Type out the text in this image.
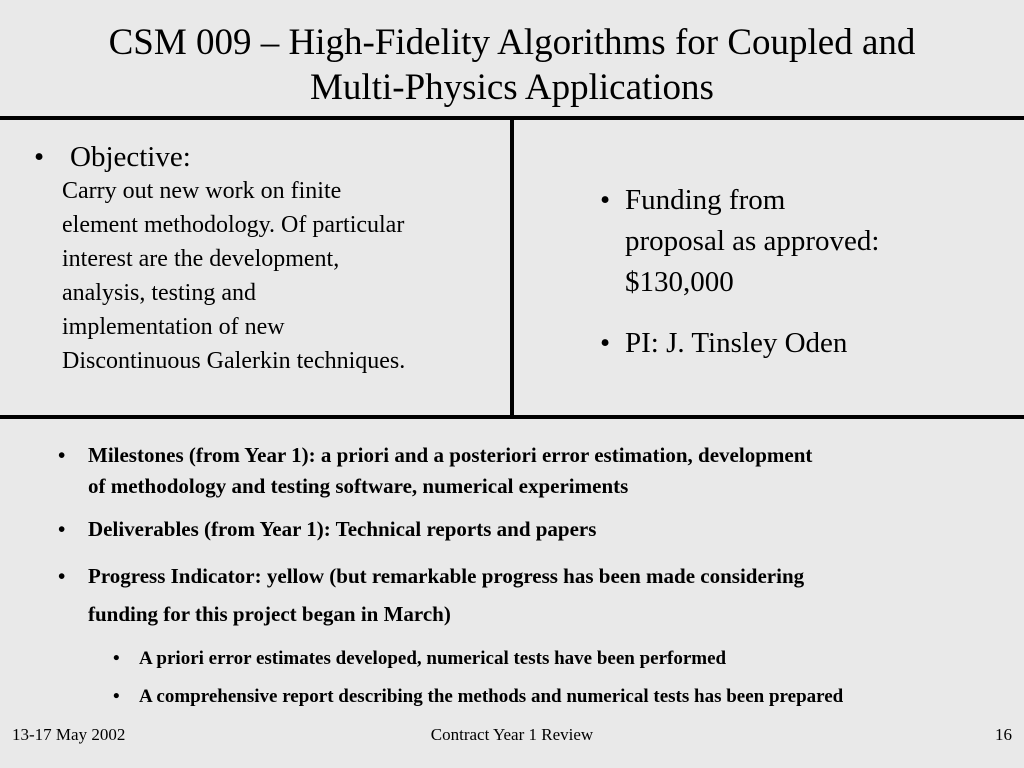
CSM 009 – High-Fidelity Algorithms for Coupled and
Multi-Physics Applications
• Objective:
Carry out new work on finite
element methodology. Of particular
interest are the development,
analysis, testing and
implementation of new
Discontinuous Galerkin techniques.
• Funding from
proposal as approved:
$130,000
• PI: J. Tinsley Oden
•	Milestones (from Year 1): a priori and a posteriori error estimation, development
of methodology and testing software, numerical experiments
•	Deliverables (from Year 1): Technical reports and papers
•	Progress Indicator: yellow (but remarkable progress has been made considering
funding for this project began in March)
•	A priori error estimates developed, numerical tests have been performed
•	A comprehensive report describing the methods and numerical tests has been prepared
13-17 May 2002	Contract Year 1 Review	16
